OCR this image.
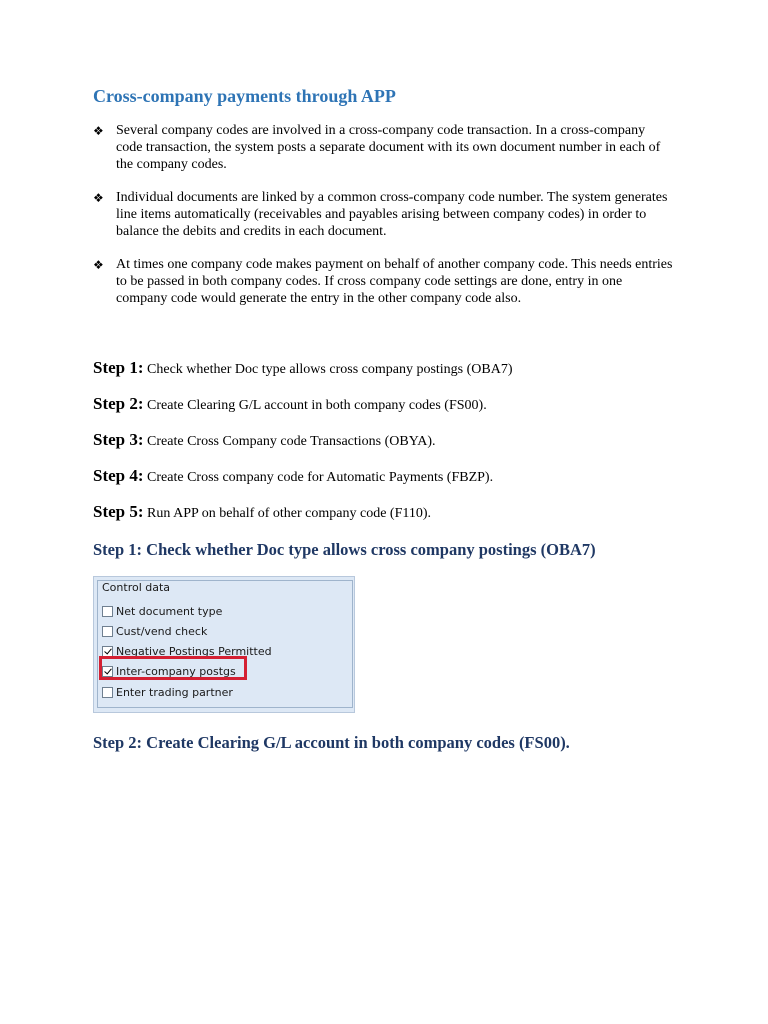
Cross-company payments through APP
❖ Several company codes are involved in a cross-company code transaction. In a cross-company code transaction, the system posts a separate document with its own document number in each of the company codes.
❖ Individual documents are linked by a common cross-company code number. The system generates line items automatically (receivables and payables arising between company codes) in order to balance the debits and credits in each document.
❖ At times one company code makes payment on behalf of another company code. This needs entries to be passed in both company codes. If cross company code settings are done, entry in one company code would generate the entry in the other company code also.
Step 1: Check whether Doc type allows cross company postings (OBA7)
Step 2: Create Clearing G/L account in both company codes (FS00).
Step 3: Create Cross Company code Transactions (OBYA).
Step 4: Create Cross company code for Automatic Payments (FBZP).
Step 5: Run APP on behalf of other company code (F110).
Step 1: Check whether Doc type allows cross company postings (OBA7)
Control data
Net document type
Cust/vend check
Negative Postings Permitted
Inter-company postgs
Enter trading partner
Step 2: Create Clearing G/L account in both company codes (FS00).
